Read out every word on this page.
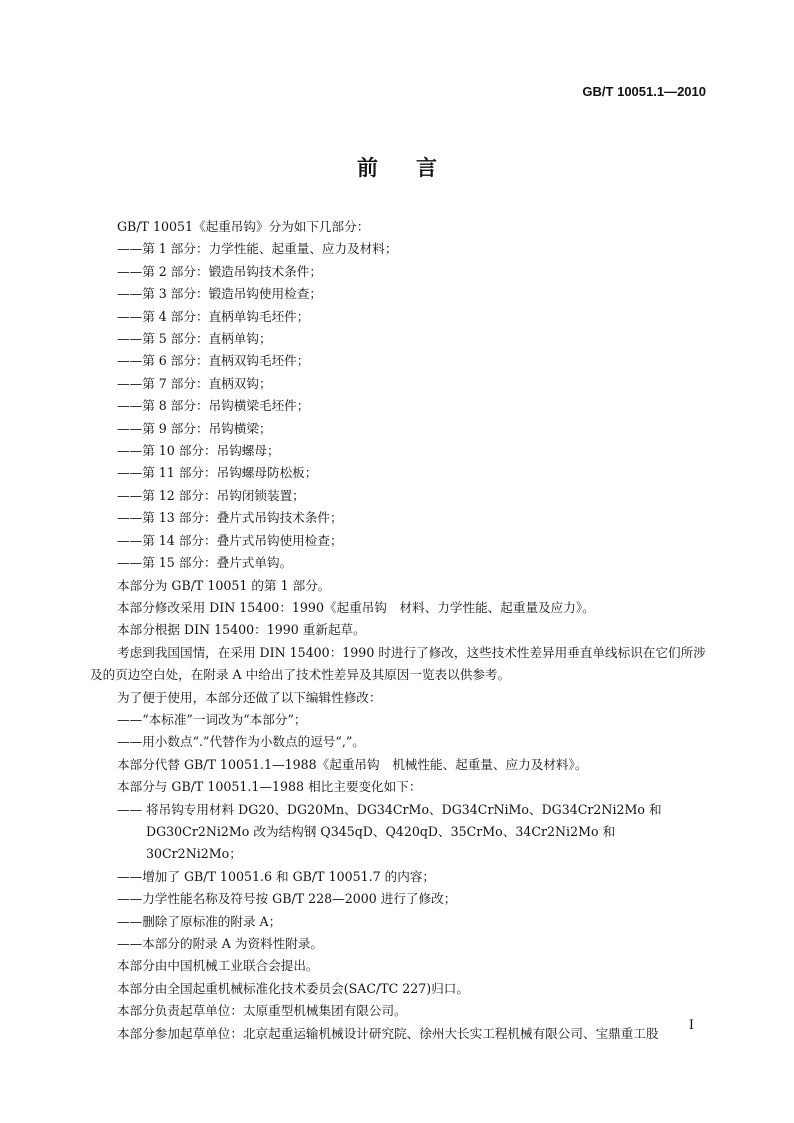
GB/T 10051.1—2010
前言

GB/T 10051《起重吊钩》分为如下几部分：

——第 1 部分：力学性能、起重量、应力及材料；

——第 2 部分：锻造吊钩技术条件；

——第 3 部分：锻造吊钩使用检查；

——第 4 部分：直柄单钩毛坯件；

——第 5 部分：直柄单钩；

——第 6 部分：直柄双钩毛坯件；

——第 7 部分：直柄双钩；

——第 8 部分：吊钩横梁毛坯件；

——第 9 部分：吊钩横梁；

——第 10 部分：吊钩螺母；

——第 11 部分：吊钩螺母防松板；

——第 12 部分：吊钩闭锁装置；

——第 13 部分：叠片式吊钩技术条件；

——第 14 部分：叠片式吊钩使用检查；

——第 15 部分：叠片式单钩。

本部分为 GB/T 10051 的第 1 部分。

本部分修改采用 DIN 15400：1990《起重吊钩　材料、力学性能、起重量及应力》。

本部分根据 DIN 15400：1990 重新起草。

考虑到我国国情，在采用 DIN 15400：1990 时进行了修改，这些技术性差异用垂直单线标识在它们所涉及的页边空白处，在附录 A 中给出了技术性差异及其原因一览表以供参考。

为了便于使用，本部分还做了以下编辑性修改：

——“本标准”一词改为“本部分”；

——用小数点“.”代替作为小数点的逗号“,”。

本部分代替 GB/T 10051.1—1988《起重吊钩　机械性能、起重量、应力及材料》。

本部分与 GB/T 10051.1—1988 相比主要变化如下：

—— 将吊钩专用材料 DG20、DG20Mn、DG34CrMo、DG34CrNiMo、DG34Cr2Ni2Mo 和 DG30Cr2Ni2Mo 改为结构钢 Q345qD、Q420qD、35CrMo、34Cr2Ni2Mo 和 30Cr2Ni2Mo；

——增加了 GB/T 10051.6 和 GB/T 10051.7 的内容；

——力学性能名称及符号按 GB/T 228—2000 进行了修改；

——删除了原标准的附录 A；

——本部分的附录 A 为资料性附录。

本部分由中国机械工业联合会提出。

本部分由全国起重机械标准化技术委员会(SAC/TC 227)归口。

本部分负责起草单位：太原重型机械集团有限公司。

本部分参加起草单位：北京起重运输机械设计研究院、徐州大长实工程机械有限公司、宝鼎重工股

I
